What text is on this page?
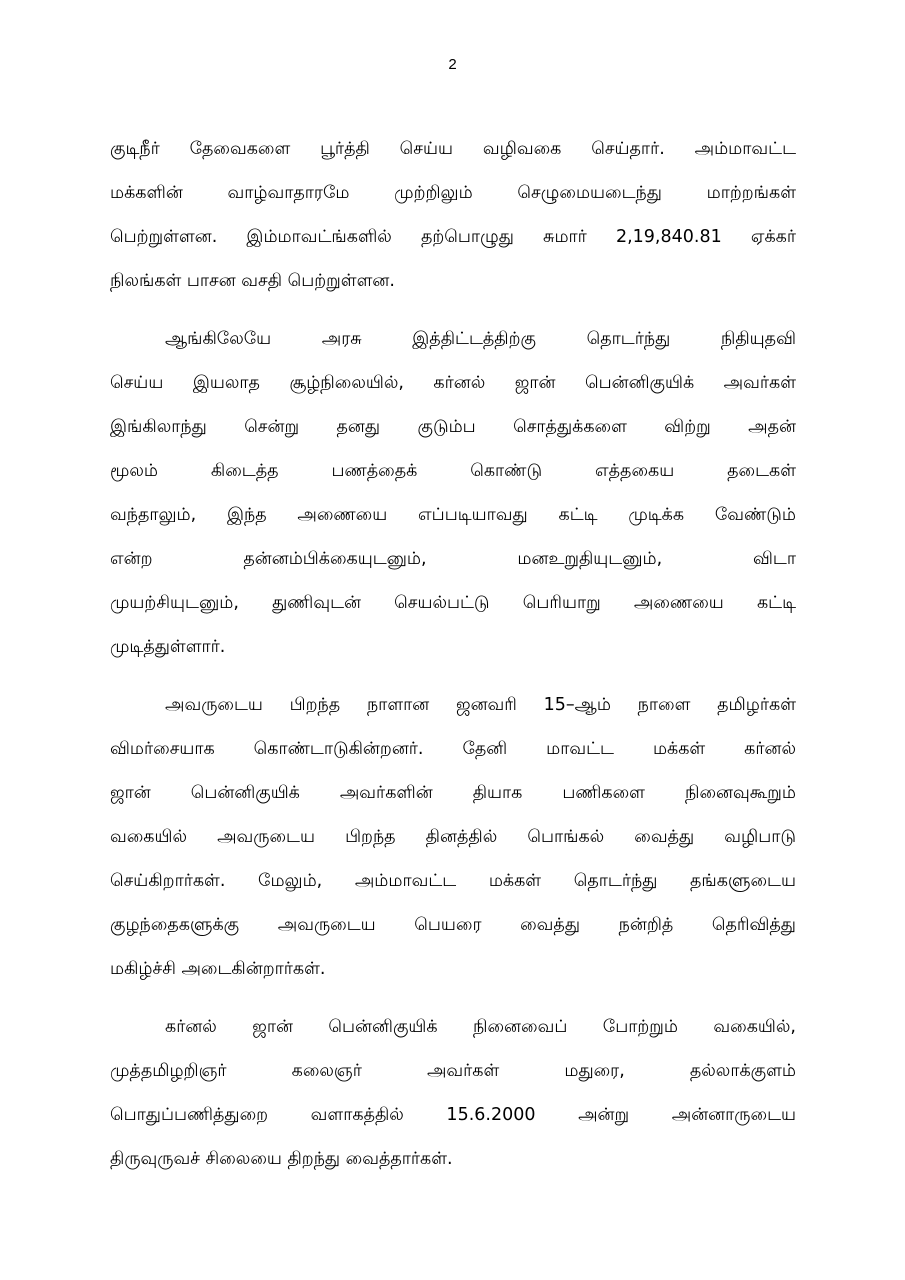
2
குடிநீர் தேவைகளை பூர்த்தி செய்ய வழிவகை செய்தார். அம்மாவட்ட
மக்களின் வாழ்வாதாரமே முற்றிலும் செழுமையடைந்து மாற்றங்கள்
பெற்றுள்ளன. இம்மாவட்ங்களில் தற்பொழுது சுமார் 2,19,840.81 ஏக்கர்
நிலங்கள் பாசன வசதி பெற்றுள்ளன.
ஆங்கிலேயே அரசு இத்திட்டத்திற்கு தொடர்ந்து நிதியுதவி
செய்ய இயலாத சூழ்நிலையில், கர்னல் ஜான் பென்னிகுயிக் அவர்கள்
இங்கிலாந்து சென்று தனது குடும்ப சொத்துக்களை விற்று அதன்
மூலம் கிடைத்த பணத்தைக் கொண்டு எத்தகைய தடைகள்
வந்தாலும், இந்த அணையை எப்படியாவது கட்டி முடிக்க வேண்டும்
என்ற தன்னம்பிக்கையுடனும், மனஉறுதியுடனும், விடா
முயற்சியுடனும், துணிவுடன் செயல்பட்டு பெரியாறு அணையை கட்டி
முடித்துள்ளார்.
அவருடைய பிறந்த நாளான ஜனவரி 15–ஆம் நாளை தமிழர்கள்
விமர்சையாக கொண்டாடுகின்றனர். தேனி மாவட்ட மக்கள் கர்னல்
ஜான் பென்னிகுயிக் அவர்களின் தியாக பணிகளை நினைவுகூறும்
வகையில் அவருடைய பிறந்த தினத்தில் பொங்கல் வைத்து வழிபாடு
செய்கிறார்கள். மேலும், அம்மாவட்ட மக்கள் தொடர்ந்து தங்களுடைய
குழந்தைகளுக்கு அவருடைய பெயரை வைத்து நன்றித் தெரிவித்து
மகிழ்ச்சி அடைகின்றார்கள்.
கர்னல் ஜான் பென்னிகுயிக் நினைவைப் போற்றும் வகையில்,
முத்தமிழறிஞர் கலைஞர் அவர்கள் மதுரை, தல்லாக்குளம்
பொதுப்பணித்துறை வளாகத்தில் 15.6.2000 அன்று அன்னாருடைய
திருவுருவச் சிலையை திறந்து வைத்தார்கள்.
